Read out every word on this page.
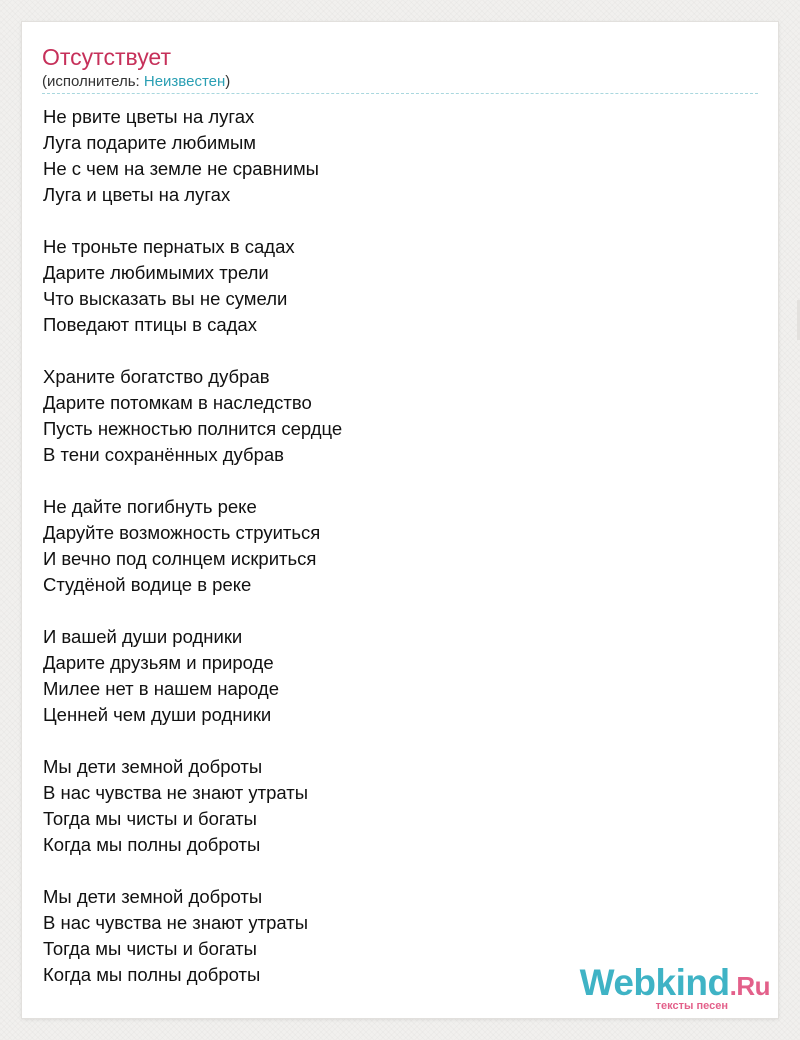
Отсутствует
(исполнитель: Неизвестен)
Не рвите цветы на лугах
Луга подарите любимым
Не с чем на земле не сравнимы
Луга и цветы на лугах
Не троньте пернатых в садах
Дарите любимымих трели
Что высказать вы не сумели
Поведают птицы в садах
Храните богатство дубрав
Дарите потомкам в наследство
Пусть нежностью полнится сердце
В тени сохранённых дубрав
Не дайте погибнуть реке
Даруйте возможность струиться
И вечно под солнцем искриться
Студёной водице в реке
И вашей души родники
Дарите друзьям и природе
Милее нет в нашем народе
Ценней чем души родники
Мы дети земной доброты
В нас чувства не знают утраты
Тогда мы чисты и богаты
Когда мы полны доброты
Мы дети земной доброты
В нас чувства не знают утраты
Тогда мы чисты и богаты
Когда мы полны доброты	Webkind.Ru
тексты песен
